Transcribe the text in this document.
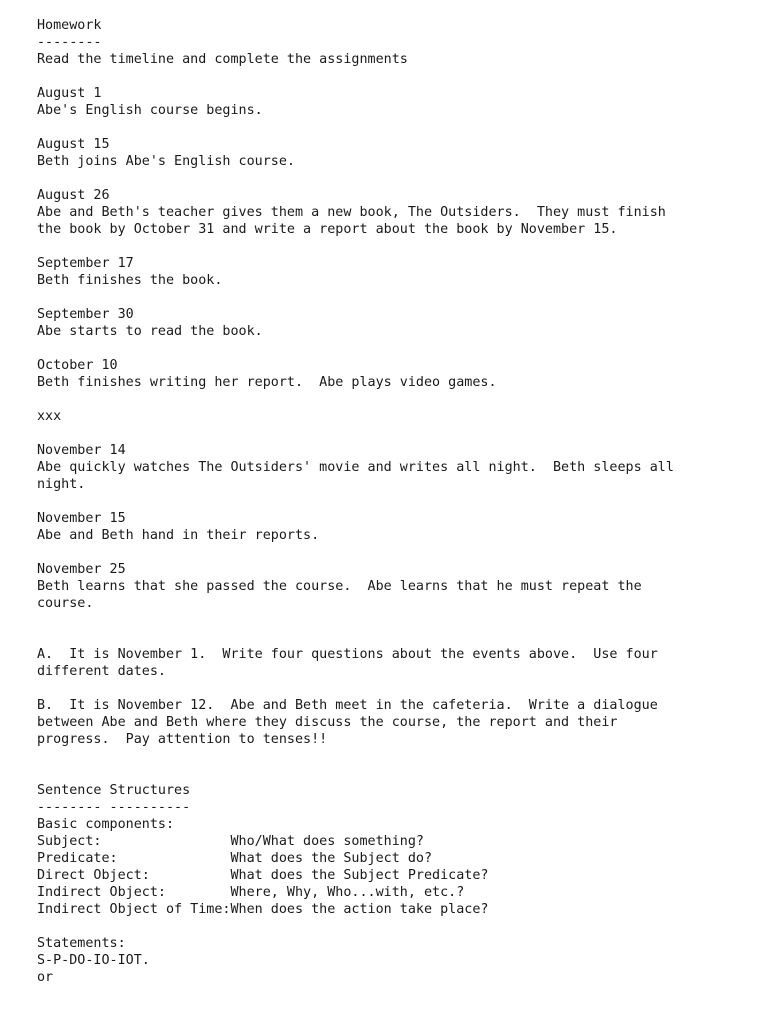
Homework
--------
Read the timeline and complete the assignments
August 1
Abe's English course begins.
August 15
Beth joins Abe's English course.
August 26
Abe and Beth's teacher gives them a new book, The Outsiders.  They must finish
the book by October 31 and write a report about the book by November 15.
September 17
Beth finishes the book.
September 30
Abe starts to read the book.
October 10
Beth finishes writing her report.  Abe plays video games.
xxx
November 14
Abe quickly watches The Outsiders' movie and writes all night.  Beth sleeps all
night.
November 15
Abe and Beth hand in their reports.
November 25
Beth learns that she passed the course.  Abe learns that he must repeat the
course.
A.  It is November 1.  Write four questions about the events above.  Use four
different dates.
B.  It is November 12.  Abe and Beth meet in the cafeteria.  Write a dialogue
between Abe and Beth where they discuss the course, the report and their
progress.  Pay attention to tenses!!
Sentence Structures
-------- ----------
Basic components:
Subject:                Who/What does something?
Predicate:              What does the Subject do?
Direct Object:          What does the Subject Predicate?
Indirect Object:        Where, Why, Who...with, etc.?
Indirect Object of Time:When does the action take place?
Statements:
S-P-DO-IO-IOT.
or
